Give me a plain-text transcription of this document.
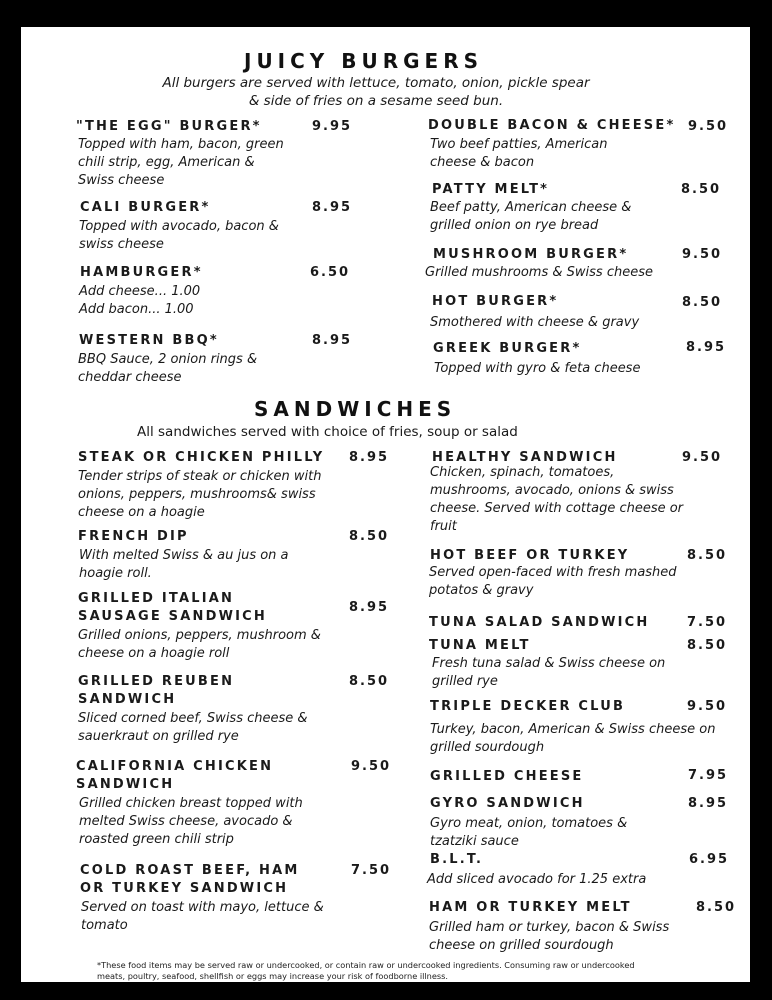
JUICY BURGERS
All burgers are served with lettuce, tomato, onion, pickle spear
& side of fries on a sesame seed bun.
"THE EGG" BURGER*	9.95
Topped with ham, bacon, green
chili strip, egg, American &
Swiss cheese
CALI BURGER*	8.95
Topped with avocado, bacon &
swiss cheese
HAMBURGER*	6.50
Add cheese... 1.00
Add bacon... 1.00
WESTERN BBQ*	8.95
BBQ Sauce, 2 onion rings &
cheddar cheese
DOUBLE BACON & CHEESE* 9.50
Two beef patties, American
cheese & bacon
PATTY MELT*	8.50
Beef patty, American cheese &
grilled onion on rye bread
MUSHROOM BURGER*	9.50
Grilled mushrooms & Swiss cheese
HOT BURGER*	8.50
Smothered with cheese & gravy
GREEK BURGER*	8.95
Topped with gyro & feta cheese
SANDWICHES
All sandwiches served with choice of fries, soup or salad
STEAK OR CHICKEN PHILLY 8.95
Tender strips of steak or chicken with
onions, peppers, mushrooms& swiss
cheese on a hoagie
FRENCH DIP	8.50
With melted Swiss & au jus on a
hoagie roll.
GRILLED ITALIAN
SAUSAGE SANDWICH
8.95
Grilled onions, peppers, mushroom &
cheese on a hoagie roll
GRILLED REUBEN
SANDWICH
8.50
Sliced corned beef, Swiss cheese &
sauerkraut on grilled rye
CALIFORNIA CHICKEN
SANDWICH
9.50
Grilled chicken breast topped with
melted Swiss cheese, avocado &
roasted green chili strip
COLD ROAST BEEF, HAM
OR TURKEY SANDWICH
7.50
Served on toast with mayo, lettuce &
tomato
HEALTHY SANDWICH	9.50
Chicken, spinach, tomatoes,
mushrooms, avocado, onions & swiss
cheese. Served with cottage cheese or
fruit
HOT BEEF OR TURKEY	8.50
Served open-faced with fresh mashed
potatos & gravy
TUNA SALAD SANDWICH	7.50
TUNA MELT	8.50
Fresh tuna salad & Swiss cheese on
grilled rye
TRIPLE DECKER CLUB	9.50
Turkey, bacon, American & Swiss cheese on
grilled sourdough
GRILLED CHEESE	7.95
GYRO SANDWICH	8.95
Gyro meat, onion, tomatoes &
tzatziki sauce
B.L.T.	6.95
Add sliced avocado for 1.25 extra
HAM OR TURKEY MELT	8.50
Grilled ham or turkey, bacon & Swiss
cheese on grilled sourdough
*These food items may be served raw or undercooked, or contain raw or undercooked ingredients. Consuming raw or undercooked
meats, poultry, seafood, shellfish or eggs may increase your risk of foodborne illness.
